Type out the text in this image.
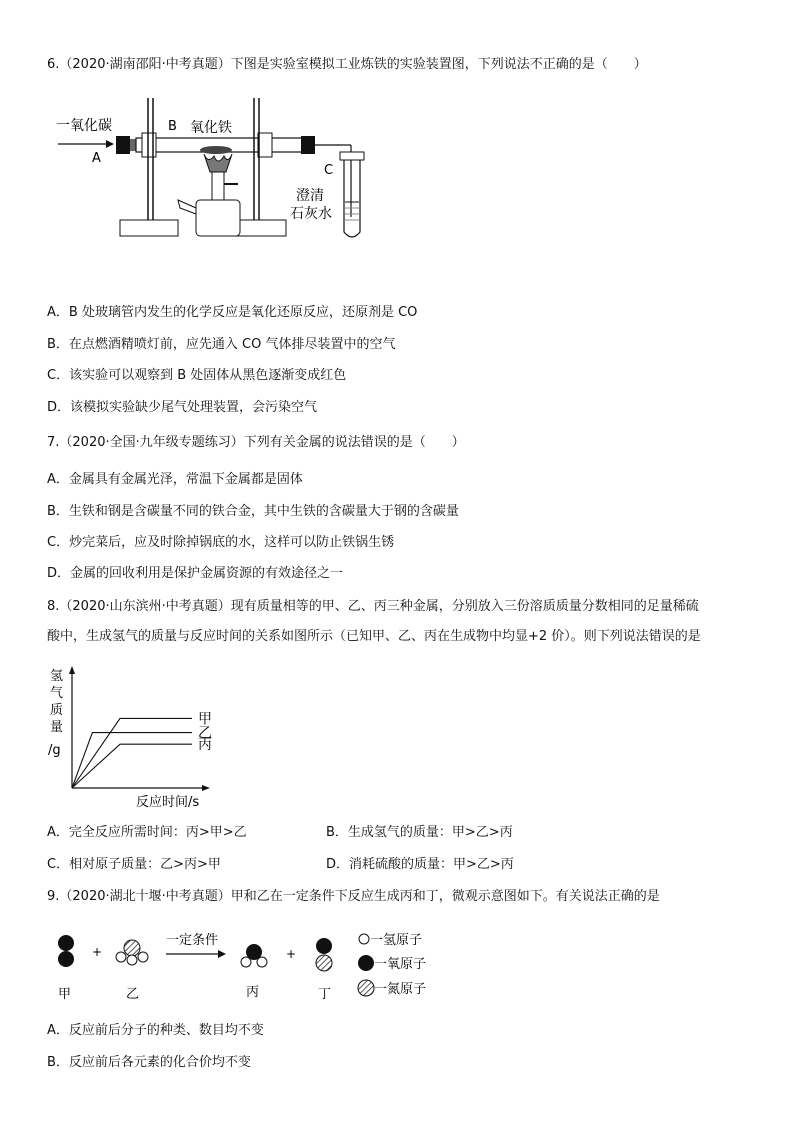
6.（2020·湖南邵阳·中考真题）下图是实验室模拟工业炼铁的实验装置图，下列说法不正确的是（　　）
一氧化碳
A
B 氧化铁
C
澄清
石灰水
A．B 处玻璃管内发生的化学反应是氧化还原反应，还原剂是 CO
B．在点燃酒精喷灯前，应先通入 CO 气体排尽装置中的空气
C．该实验可以观察到 B 处固体从黑色逐渐变成红色
D．该模拟实验缺少尾气处理装置，会污染空气
7.（2020·全国·九年级专题练习）下列有关金属的说法错误的是（　　）
A．金属具有金属光泽，常温下金属都是固体
B．生铁和钢是含碳量不同的铁合金，其中生铁的含碳量大于钢的含碳量
C．炒完菜后，应及时除掉锅底的水，这样可以防止铁锅生锈
D．金属的回收利用是保护金属资源的有效途径之一
8.（2020·山东滨州·中考真题）现有质量相等的甲、乙、丙三种金属，分别放入三份溶质质量分数相同的足量稀硫
酸中，生成氢气的质量与反应时间的关系如图所示（已知甲、乙、丙在生成物中均显+2 价）。则下列说法错误的是
氢
气
质
量
/g
反应时间/s
甲
乙
丙
A．完全反应所需时间：丙>甲>乙	B．生成氢气的质量：甲>乙>丙
C．相对原子质量：乙>丙>甲	D．消耗硫酸的质量：甲>乙>丙
9.（2020·湖北十堰·中考真题）甲和乙在一定条件下反应生成丙和丁，微观示意图如下。有关说法正确的是
+
一定条件
+
一氢原子
一氧原子
一氮原子
甲	乙	丙	丁
A．反应前后分子的种类、数目均不变
B．反应前后各元素的化合价均不变
